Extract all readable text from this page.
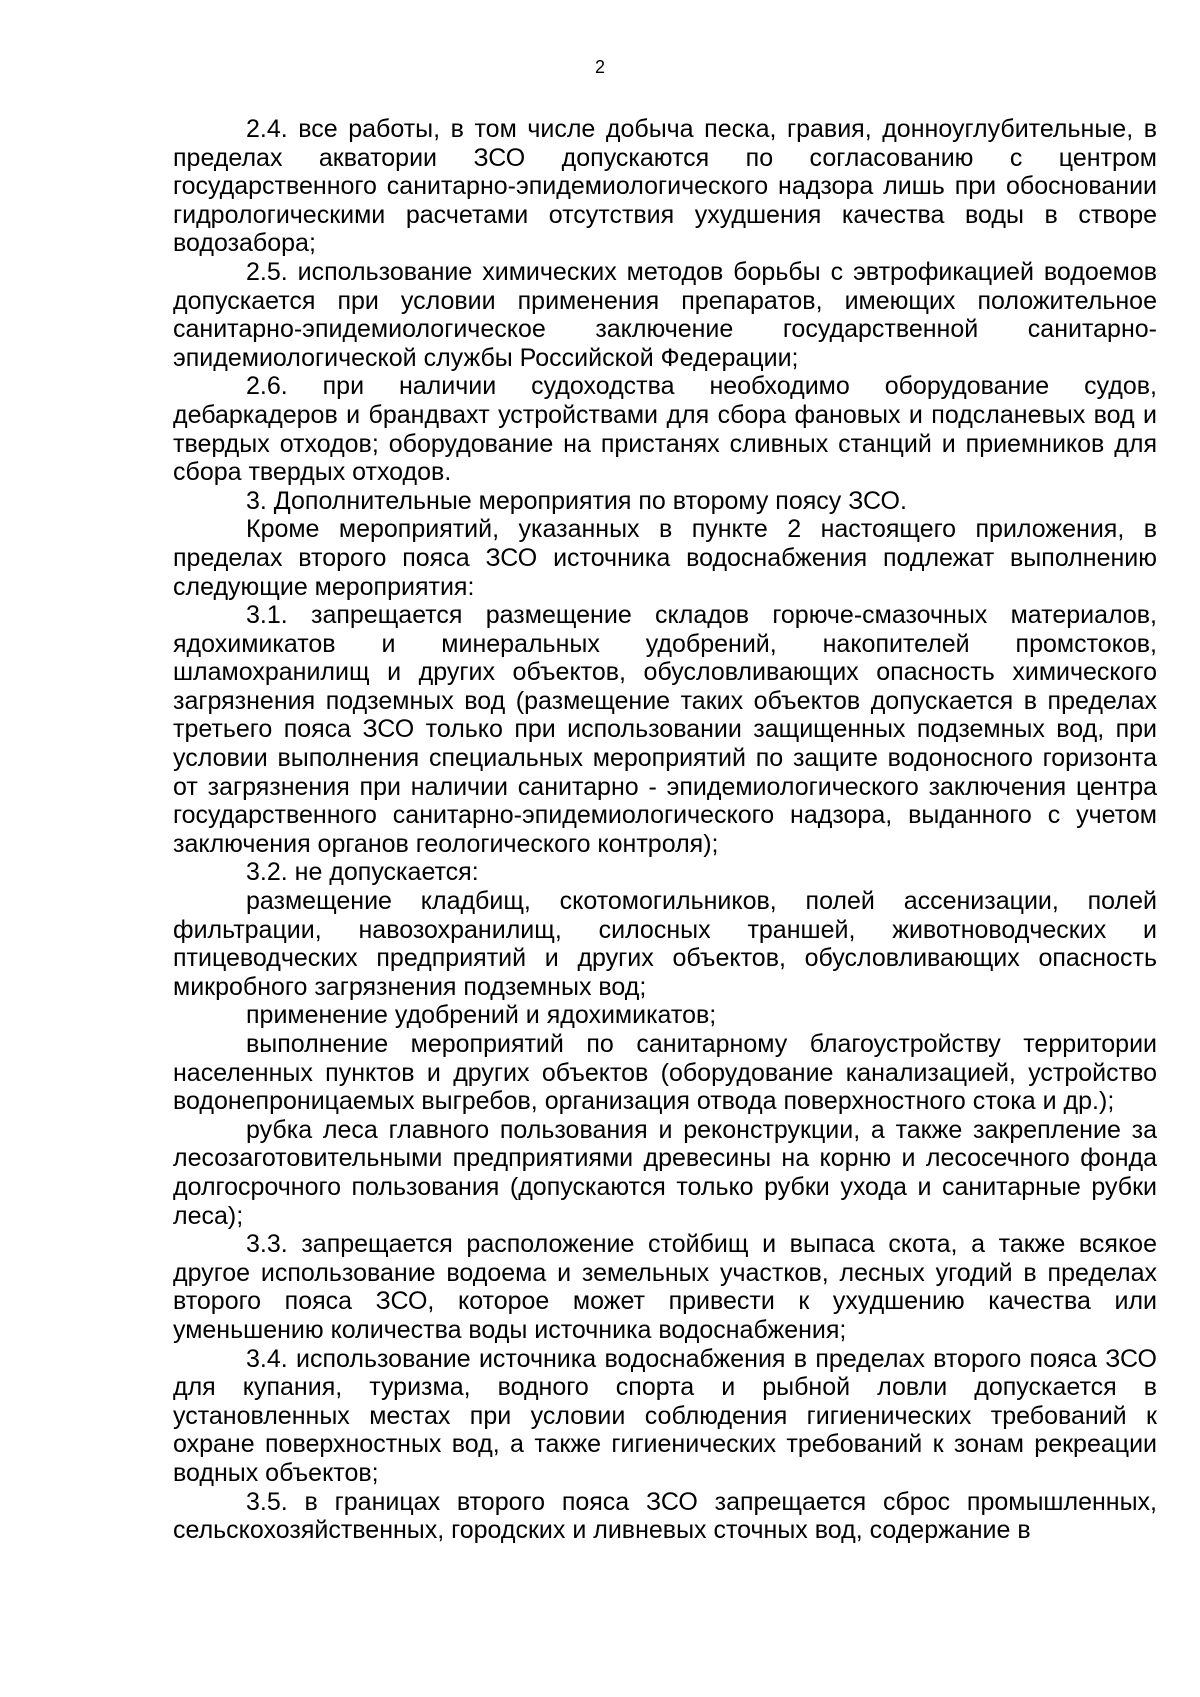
2

2.4. все работы, в том числе добыча песка, гравия, донноуглубительные, в пределах акватории ЗСО допускаются по согласованию с центром государственного санитарно-эпидемиологического надзора лишь при обосновании гидрологическими расчетами отсутствия ухудшения качества воды в створе водозабора;

2.5. использование химических методов борьбы с эвтрофикацией водоемов допускается при условии применения препаратов, имеющих положительное санитарно-эпидемиологическое заключение государственной санитарно-эпидемиологической службы Российской Федерации;

2.6. при наличии судоходства необходимо оборудование судов, дебаркадеров и брандвахт устройствами для сбора фановых и подсланевых вод и твердых отходов; оборудование на пристанях сливных станций и приемников для сбора твердых отходов.

3. Дополнительные мероприятия по второму поясу ЗСО.

Кроме мероприятий, указанных в пункте 2 настоящего приложения, в пределах второго пояса ЗСО источника водоснабжения подлежат выполнению следующие мероприятия:

3.1. запрещается размещение складов горюче-смазочных материалов, ядохимикатов и минеральных удобрений, накопителей промстоков, шламохранилищ и других объектов, обусловливающих опасность химического загрязнения подземных вод (размещение таких объектов допускается в пределах третьего пояса ЗСО только при использовании защищенных подземных вод, при условии выполнения специальных мероприятий по защите водоносного горизонта от загрязнения при наличии санитарно - эпидемиологического заключения центра государственного санитарно-эпидемиологического надзора, выданного с учетом заключения органов геологического контроля);

3.2. не допускается:

размещение кладбищ, скотомогильников, полей ассенизации, полей фильтрации, навозохранилищ, силосных траншей, животноводческих и птицеводческих предприятий и других объектов, обусловливающих опасность микробного загрязнения подземных вод;

применение удобрений и ядохимикатов;

выполнение мероприятий по санитарному благоустройству территории населенных пунктов и других объектов (оборудование канализацией, устройство водонепроницаемых выгребов, организация отвода поверхностного стока и др.);

рубка леса главного пользования и реконструкции, а также закрепление за лесозаготовительными предприятиями древесины на корню и лесосечного фонда долгосрочного пользования (допускаются только рубки ухода и санитарные рубки леса);

3.3. запрещается расположение стойбищ и выпаса скота, а также всякое другое использование водоема и земельных участков, лесных угодий в пределах второго пояса ЗСО, которое может привести к ухудшению качества или уменьшению количества воды источника водоснабжения;

3.4. использование источника водоснабжения в пределах второго пояса ЗСО для купания, туризма, водного спорта и рыбной ловли допускается в установленных местах при условии соблюдения гигиенических требований к охране поверхностных вод, а также гигиенических требований к зонам рекреации водных объектов;

3.5. в границах второго пояса ЗСО запрещается сброс промышленных, сельскохозяйственных, городских и ливневых сточных вод, содержание в
